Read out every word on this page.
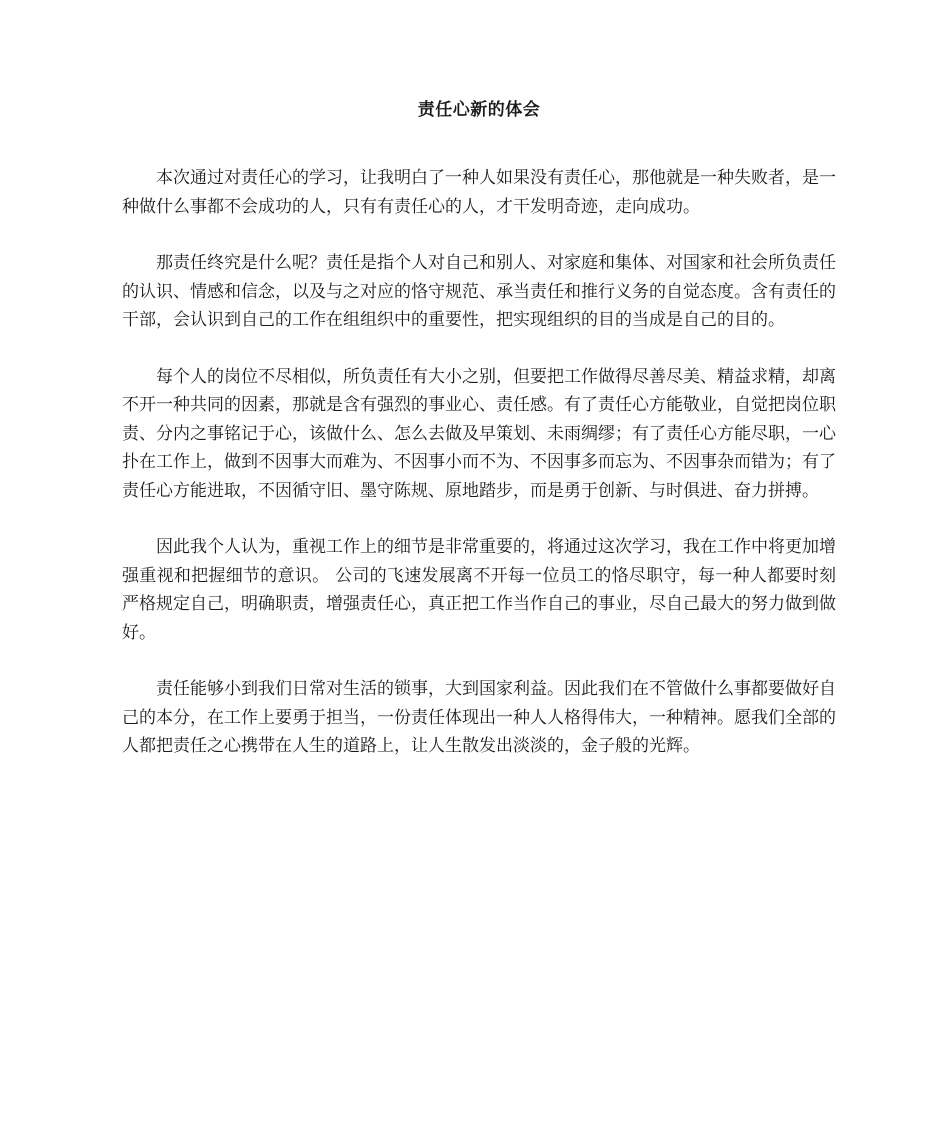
责任心新的体会

本次通过对责任心的学习，让我明白了一种人如果没有责任心，那他就是一种失败者，是一种做什么事都不会成功的人，只有有责任心的人，才干发明奇迹，走向成功。

那责任终究是什么呢？责任是指个人对自己和别人、对家庭和集体、对国家和社会所负责任的认识、情感和信念，以及与之对应的恪守规范、承当责任和推行义务的自觉态度。含有责任的干部，会认识到自己的工作在组组织中的重要性，把实现组织的目的当成是自己的目的。

每个人的岗位不尽相似，所负责任有大小之别，但要把工作做得尽善尽美、精益求精，却离不开一种共同的因素，那就是含有强烈的事业心、责任感。有了责任心方能敬业，自觉把岗位职责、分内之事铭记于心，该做什么、怎么去做及早策划、未雨绸缪；有了责任心方能尽职，一心扑在工作上，做到不因事大而难为、不因事小而不为、不因事多而忘为、不因事杂而错为；有了责任心方能进取，不因循守旧、墨守陈规、原地踏步，而是勇于创新、与时俱进、奋力拼搏。

因此我个人认为，重视工作上的细节是非常重要的，将通过这次学习，我在工作中将更加增强重视和把握细节的意识。 公司的飞速发展离不开每一位员工的恪尽职守，每一种人都要时刻严格规定自己，明确职责，增强责任心，真正把工作当作自己的事业，尽自己最大的努力做到做好。

责任能够小到我们日常对生活的锁事，大到国家利益。因此我们在不管做什么事都要做好自己的本分，在工作上要勇于担当，一份责任体现出一种人人格得伟大，一种精神。愿我们全部的人都把责任之心携带在人生的道路上，让人生散发出淡淡的，金子般的光辉。
